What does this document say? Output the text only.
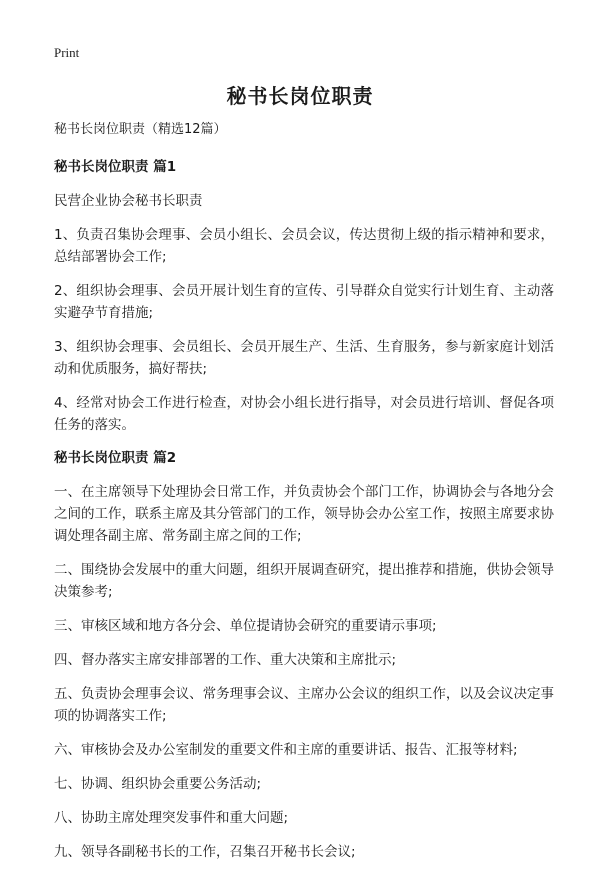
Print
秘书长岗位职责

秘书长岗位职责（精选12篇）

秘书长岗位职责 篇1

民营企业协会秘书长职责

1、负责召集协会理事、会员小组长、会员会议，传达贯彻上级的指示精神和要求，总结部署协会工作;

2、组织协会理事、会员开展计划生育的宣传、引导群众自觉实行计划生育、主动落实避孕节育措施;

3、组织协会理事、会员组长、会员开展生产、生活、生育服务，参与新家庭计划活动和优质服务，搞好帮扶;

4、经常对协会工作进行检查，对协会小组长进行指导，对会员进行培训、督促各项任务的落实。

秘书长岗位职责 篇2

一、在主席领导下处理协会日常工作，并负责协会个部门工作，协调协会与各地分会之间的工作，联系主席及其分管部门的工作，领导协会办公室工作，按照主席要求协调处理各副主席、常务副主席之间的工作;

二、围绕协会发展中的重大问题，组织开展调查研究，提出推荐和措施，供协会领导决策参考;

三、审核区域和地方各分会、单位提请协会研究的重要请示事项;

四、督办落实主席安排部署的工作、重大决策和主席批示;

五、负责协会理事会议、常务理事会议、主席办公会议的组织工作，以及会议决定事项的协调落实工作;

六、审核协会及办公室制发的重要文件和主席的重要讲话、报告、汇报等材料;

七、协调、组织协会重要公务活动;

八、协助主席处理突发事件和重大问题;

九、领导各副秘书长的工作，召集召开秘书长会议;
